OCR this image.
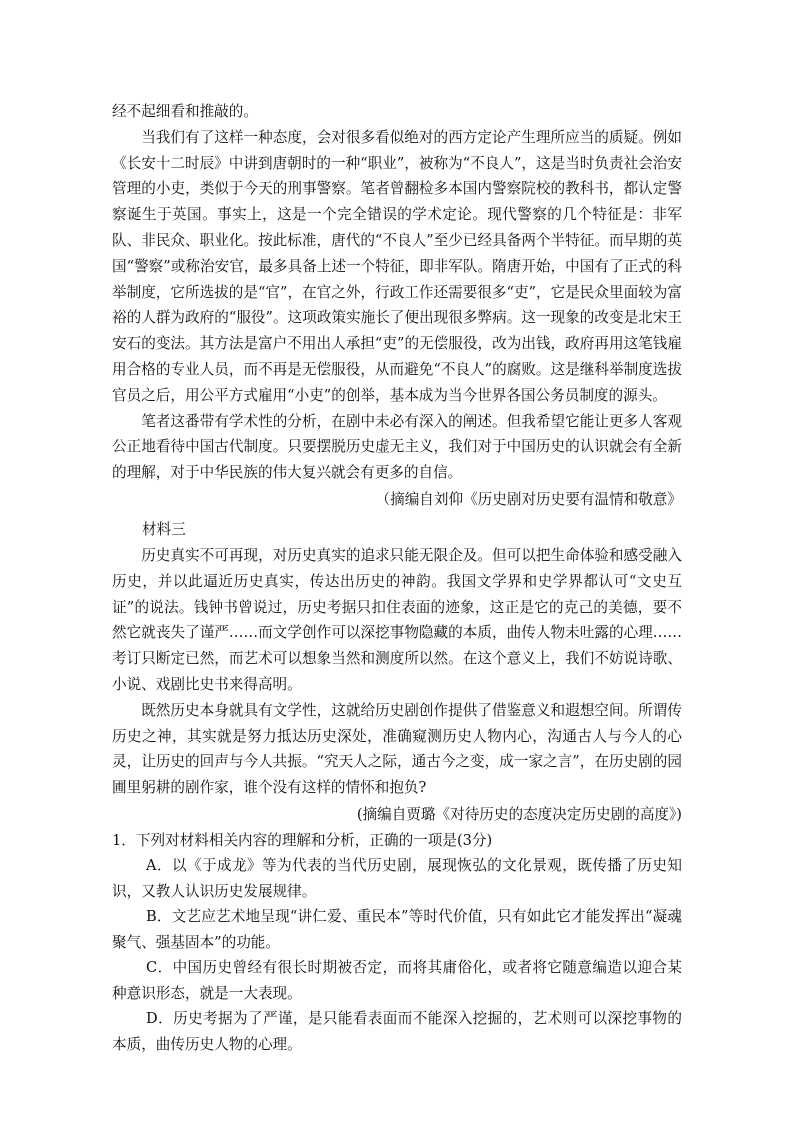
经不起细看和推敲的。

当我们有了这样一种态度，会对很多看似绝对的西方定论产生理所应当的质疑。例如《长安十二时辰》中讲到唐朝时的一种“职业”，被称为“不良人”，这是当时负责社会治安管理的小吏，类似于今天的刑事警察。笔者曾翻检多本国内警察院校的教科书，都认定警察诞生于英国。事实上，这是一个完全错误的学术定论。现代警察的几个特征是：非军队、非民众、职业化。按此标准，唐代的“不良人”至少已经具备两个半特征。而早期的英国“警察”或称治安官，最多具备上述一个特征，即非军队。隋唐开始，中国有了正式的科举制度，它所选拔的是“官”，在官之外，行政工作还需要很多“吏”，它是民众里面较为富裕的人群为政府的“服役”。这项政策实施长了便出现很多弊病。这一现象的改变是北宋王安石的变法。其方法是富户不用出人承担“吏”的无偿服役，改为出钱，政府再用这笔钱雇用合格的专业人员，而不再是无偿服役，从而避免“不良人”的腐败。这是继科举制度选拔官员之后，用公平方式雇用“小吏”的创举，基本成为当今世界各国公务员制度的源头。

笔者这番带有学术性的分析，在剧中未必有深入的阐述。但我希望它能让更多人客观公正地看待中国古代制度。只要摆脱历史虚无主义，我们对于中国历史的认识就会有全新的理解，对于中华民族的伟大复兴就会有更多的自信。

（摘编自刘仰《历史剧对历史要有温情和敬意》

材料三

历史真实不可再现，对历史真实的追求只能无限企及。但可以把生命体验和感受融入历史，并以此逼近历史真实，传达出历史的神韵。我国文学界和史学界都认可“文史互证”的说法。钱钟书曾说过，历史考据只扣住表面的迹象，这正是它的克己的美德，要不然它就丧失了谨严……而文学创作可以深挖事物隐藏的本质，曲传人物未吐露的心理……考订只断定已然，而艺术可以想象当然和测度所以然。在这个意义上，我们不妨说诗歌、小说、戏剧比史书来得高明。

既然历史本身就具有文学性，这就给历史剧创作提供了借鉴意义和遐想空间。所谓传历史之神，其实就是努力抵达历史深处，准确窥测历史人物内心，沟通古人与今人的心灵，让历史的回声与今人共振。“究天人之际，通古今之变，成一家之言”，在历史剧的园圃里躬耕的剧作家，谁个没有这样的情怀和抱负?

(摘编自贾璐《对待历史的态度决定历史剧的高度》)

1．下列对材料相关内容的理解和分析，正确的一项是(3分)

A．以《于成龙》等为代表的当代历史剧，展现恢弘的文化景观，既传播了历史知识，又教人认识历史发展规律。

B．文艺应艺术地呈现“讲仁爱、重民本”等时代价值，只有如此它才能发挥出“凝魂聚气、强基固本”的功能。

C．中国历史曾经有很长时期被否定，而将其庸俗化，或者将它随意编造以迎合某种意识形态，就是一大表现。

D．历史考据为了严谨，是只能看表面而不能深入挖掘的，艺术则可以深挖事物的本质，曲传历史人物的心理。
